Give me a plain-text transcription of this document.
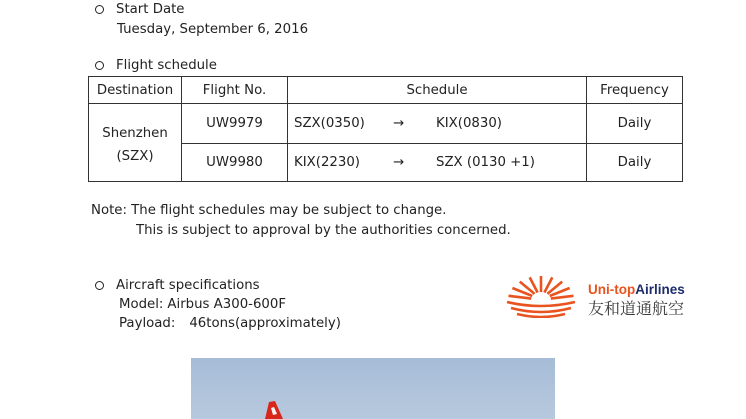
Start Date
Tuesday, September 6, 2016
Flight schedule
Destination	Flight No.	Schedule	Frequency

Shenzhen
(SZX)	UW9979	SZX(0350) → KIX(0830)	Daily
	UW9980	KIX(2230) → SZX (0130 +1)	Daily
Note: The flight schedules may be subject to change.
This is subject to approval by the authorities concerned.
Aircraft specifications
Model: Airbus A300-600F
Payload: 46tons(approximately)
Uni-topAirlines
友和道通航空
